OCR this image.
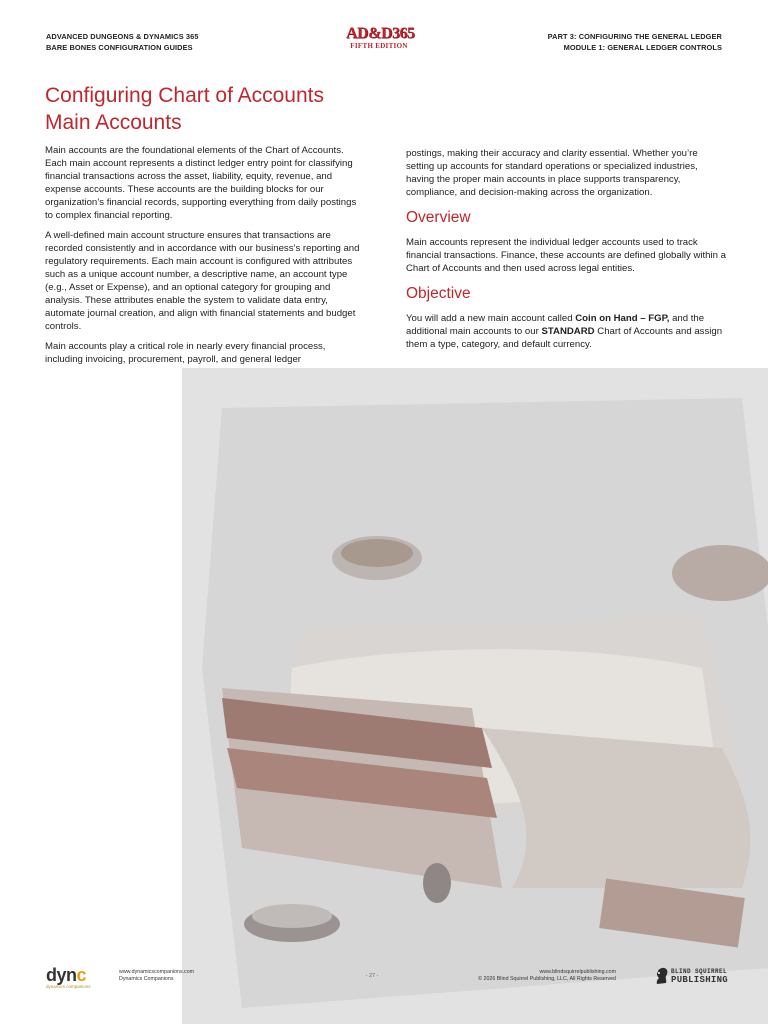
ADVANCED DUNGEONS & DYNAMICS 365
BARE BONES CONFIGURATION GUIDES
AD&D365
FIFTH EDITION
PART 3: CONFIGURING THE GENERAL LEDGER
MODULE 1: GENERAL LEDGER CONTROLS
Configuring Chart of Accounts
Main Accounts

Main accounts are the foundational elements of the Chart of Accounts. Each main account represents a distinct ledger entry point for classifying financial transactions across the asset, liability, equity, revenue, and expense accounts. These accounts are the building blocks for our organization’s financial records, supporting everything from daily postings to complex financial reporting.

A well-defined main account structure ensures that transactions are recorded consistently and in accordance with our business’s reporting and regulatory requirements. Each main account is configured with attributes such as a unique account number, a descriptive name, an account type (e.g., Asset or Expense), and an optional category for grouping and analysis. These attributes enable the system to validate data entry, automate journal creation, and align with financial statements and budget controls.

Main accounts play a critical role in nearly every financial process, including invoicing, procurement, payroll, and general ledger

postings, making their accuracy and clarity essential. Whether you’re setting up accounts for standard operations or specialized industries, having the proper main accounts in place supports transparency, compliance, and decision-making across the organization.

Overview

Main accounts represent the individual ledger accounts used to track financial transactions. Finance, these accounts are defined globally within a Chart of Accounts and then used across legal entities.

Objective

You will add a new main account called Coin on Hand – FGP, and the additional main accounts to our STANDARD Chart of Accounts and assign them a type, category, and default currency.

dync
dynamics companions
www.dynamicscompanions.com
Dynamics Companions	- 27 -
www.blindsquirrelpublishing.com
© 2026 Blind Squirrel Publishing, LLC, All Rights Reserved
BLIND SQUIRREL
PUBLISHING
